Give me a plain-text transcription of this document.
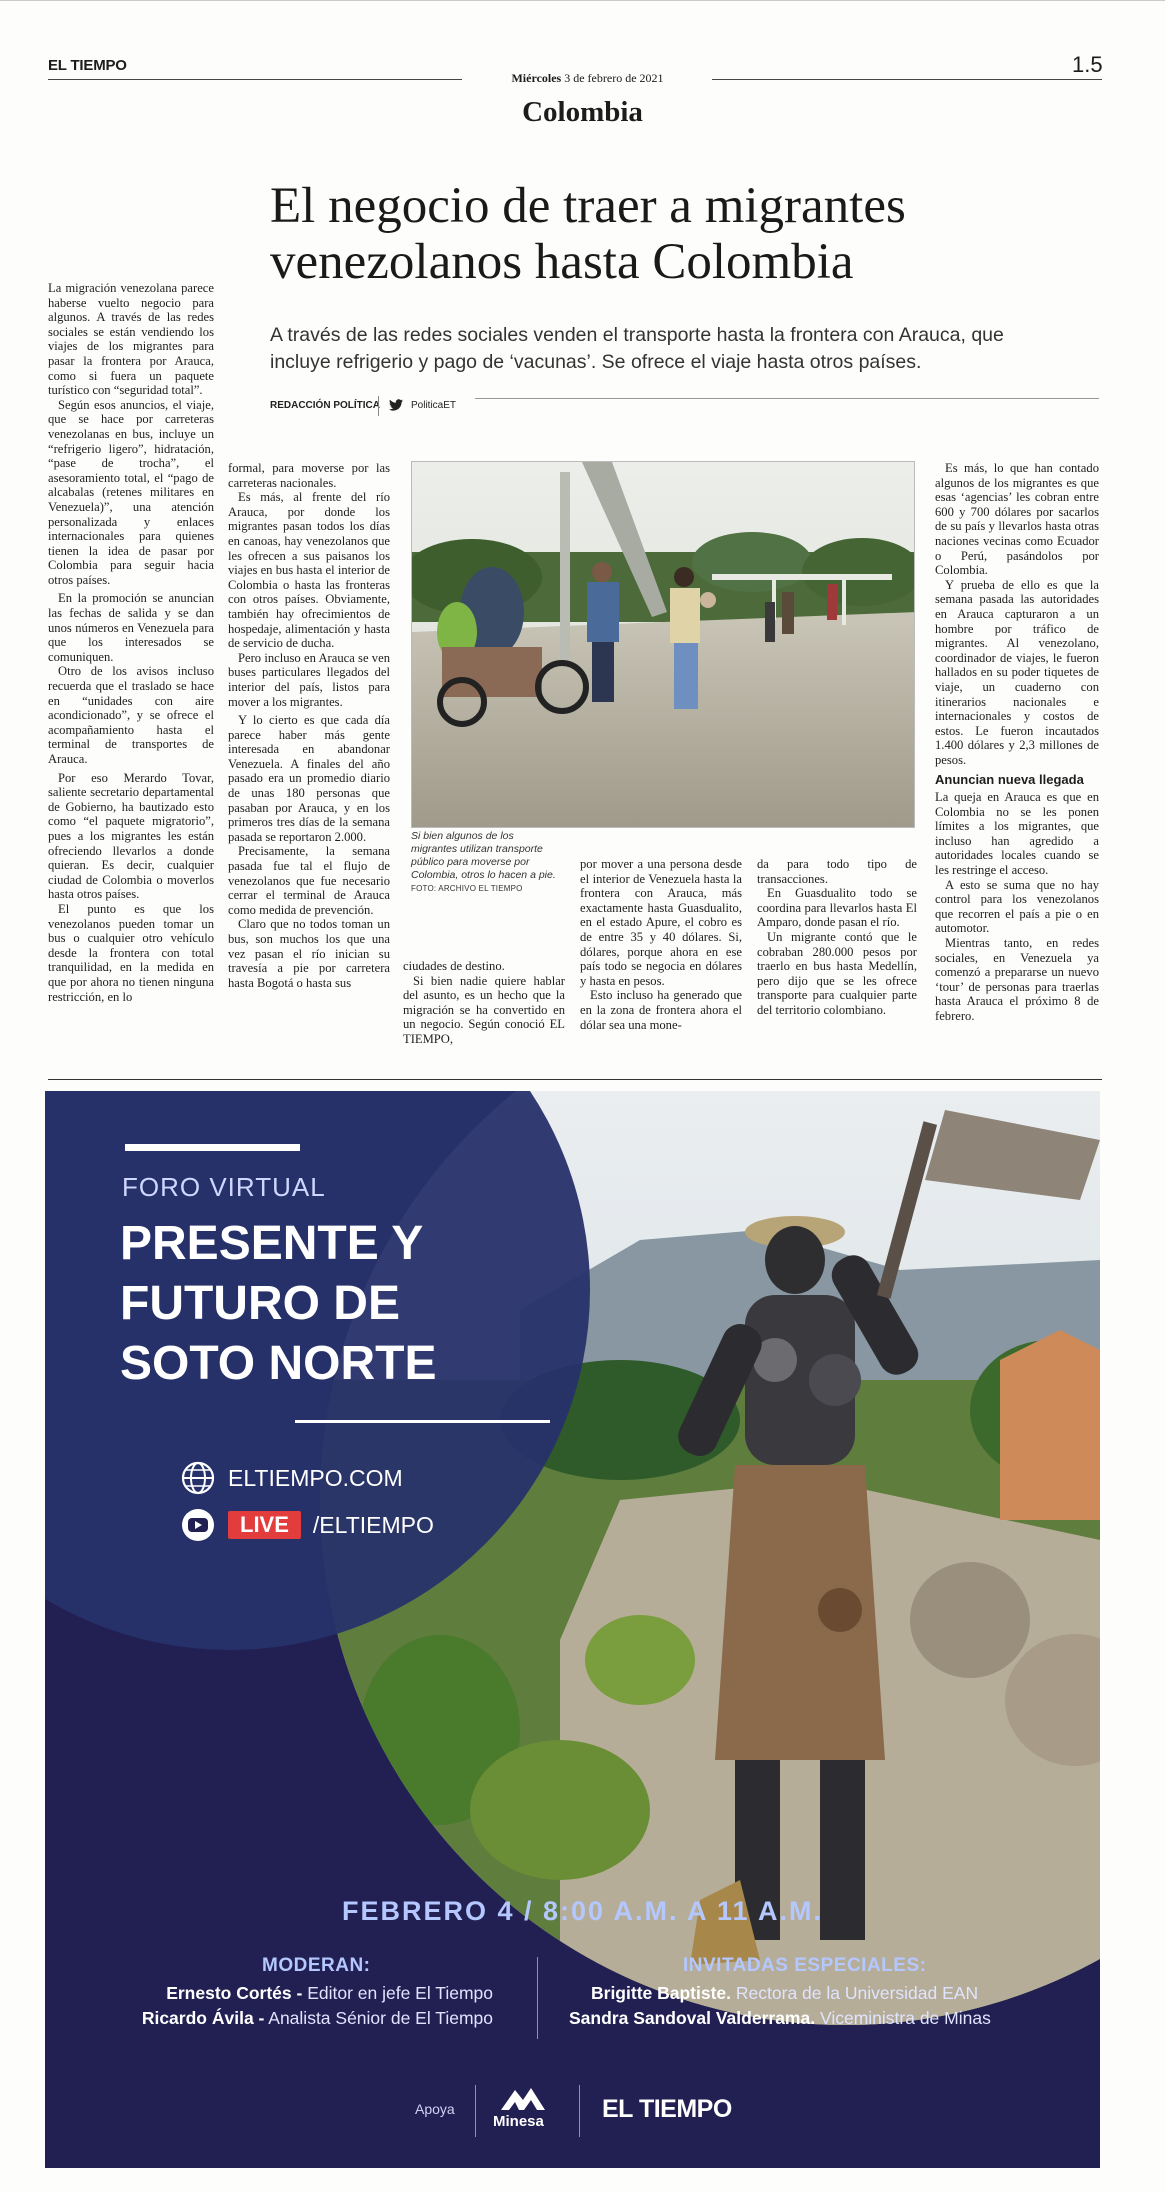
EL TIEMPO
Miércoles 3 de febrero de 2021
1.5
Colombia
El negocio de traer a migrantes venezolanos hasta Colombia
A través de las redes sociales venden el transporte hasta la frontera con Arauca, que incluye refrigerio y pago de ‘vacunas’. Se ofrece el viaje hasta otros países.
REDACCIÓN POLÍTICA	PoliticaET

La migración venezolana parece haberse vuelto negocio para algunos. A través de las redes sociales se están vendiendo los viajes de los migrantes para pasar la frontera por Arauca, como si fuera un paquete turístico con “seguridad total”.

Según esos anuncios, el viaje, que se hace por carreteras venezolanas en bus, incluye un “refrigerio ligero”, hidratación, “pase de trocha”, el asesoramiento total, el “pago de alcabalas (retenes militares en Venezuela)”, una atención personalizada y enlaces internacionales para quienes tienen la idea de pasar por Colombia para seguir hacia otros países.

En la promoción se anuncian las fechas de salida y se dan unos números en Venezuela para que los interesados se comuniquen.

Otro de los avisos incluso recuerda que el traslado se hace en “unidades con aire acondicionado”, y se ofrece el acompañamiento hasta el terminal de transportes de Arauca.

Por eso Merardo Tovar, saliente secretario departamental de Gobierno, ha bautizado esto como “el paquete migratorio”, pues a los migrantes les están ofreciendo llevarlos a donde quieran. Es decir, cualquier ciudad de Colombia o moverlos hasta otros países.

El punto es que los venezolanos pueden tomar un bus o cualquier otro vehículo desde la frontera con total tranquilidad, en la medida en que por ahora no tienen ninguna restricción, en lo

formal, para moverse por las carreteras nacionales.

Es más, al frente del río Arauca, por donde los migrantes pasan todos los días en canoas, hay venezolanos que les ofrecen a sus paisanos los viajes en bus hasta el interior de Colombia o hasta las fronteras con otros países. Obviamente, también hay ofrecimientos de hospedaje, alimentación y hasta de servicio de ducha.

Pero incluso en Arauca se ven buses particulares llegados del interior del país, listos para mover a los migrantes.

Y lo cierto es que cada día parece haber más gente interesada en abandonar Venezuela. A finales del año pasado era un promedio diario de unas 180 personas que pasaban por Arauca, y en los primeros tres días de la semana pasada se reportaron 2.000.

Precisamente, la semana pasada fue tal el flujo de venezolanos que fue necesario cerrar el terminal de Arauca como medida de prevención.

Claro que no todos toman un bus, son muchos los que una vez pasan el río inician su travesía a pie por carretera hasta Bogotá o hasta sus

ciudades de destino.

Si bien nadie quiere hablar del asunto, es un hecho que la migración se ha convertido en un negocio. Según conoció EL TIEMPO,

por mover a una persona desde el interior de Venezuela hasta la frontera con Arauca, más exactamente hasta Guasdualito, en el estado Apure, el cobro es de entre 35 y 40 dólares. Si, dólares, porque ahora en ese país todo se negocia en dólares y hasta en pesos.

Esto incluso ha generado que en la zona de frontera ahora el dólar sea una mone-

da para todo tipo de transacciones.

En Guasdualito todo se coordina para llevarlos hasta El Amparo, donde pasan el río.

Un migrante contó que le cobraban 280.000 pesos por traerlo en bus hasta Medellín, pero dijo que se les ofrece transporte para cualquier parte del territorio colombiano.

Es más, lo que han contado algunos de los migrantes es que esas ‘agencias’ les cobran entre 600 y 700 dólares por sacarlos de su país y llevarlos hasta otras naciones vecinas como Ecuador o Perú, pasándolos por Colombia.

Y prueba de ello es que la semana pasada las autoridades en Arauca capturaron a un hombre por tráfico de migrantes. Al venezolano, coordinador de viajes, le fueron hallados en su poder tiquetes de viaje, un cuaderno con itinerarios nacionales e internacionales y costos de estos. Le fueron incautados 1.400 dólares y 2,3 millones de pesos.

Anuncian nueva llegada

La queja en Arauca es que en Colombia no se les ponen límites a los migrantes, que incluso han agredido a autoridades locales cuando se les restringe el acceso.

A esto se suma que no hay control para los venezolanos que recorren el país a pie o en automotor.

Mientras tanto, en redes sociales, en Venezuela ya comenzó a prepararse un nuevo ‘tour’ de personas para traerlas hasta Arauca el próximo 8 de febrero.

Si bien algunos de los migrantes utilizan transporte público para moverse por Colombia, otros lo hacen a pie. FOTO: ARCHIVO EL TIEMPO
FORO VIRTUAL
PRESENTE Y
FUTURO DE
SOTO NORTE
ELTIEMPO.COM
LIVE	/ELTIEMPO
FEBRERO 4 / 8:00 A.M. A 11 A.M.
MODERAN:
Ernesto Cortés - Editor en jefe El Tiempo
Ricardo Ávila - Analista Sénior de El Tiempo
INVITADAS ESPECIALES:
Brigitte Baptiste. Rectora de la Universidad EAN
Sandra Sandoval Valderrama. Viceministra de Minas
Apoya
Minesa EL TIEMPO
